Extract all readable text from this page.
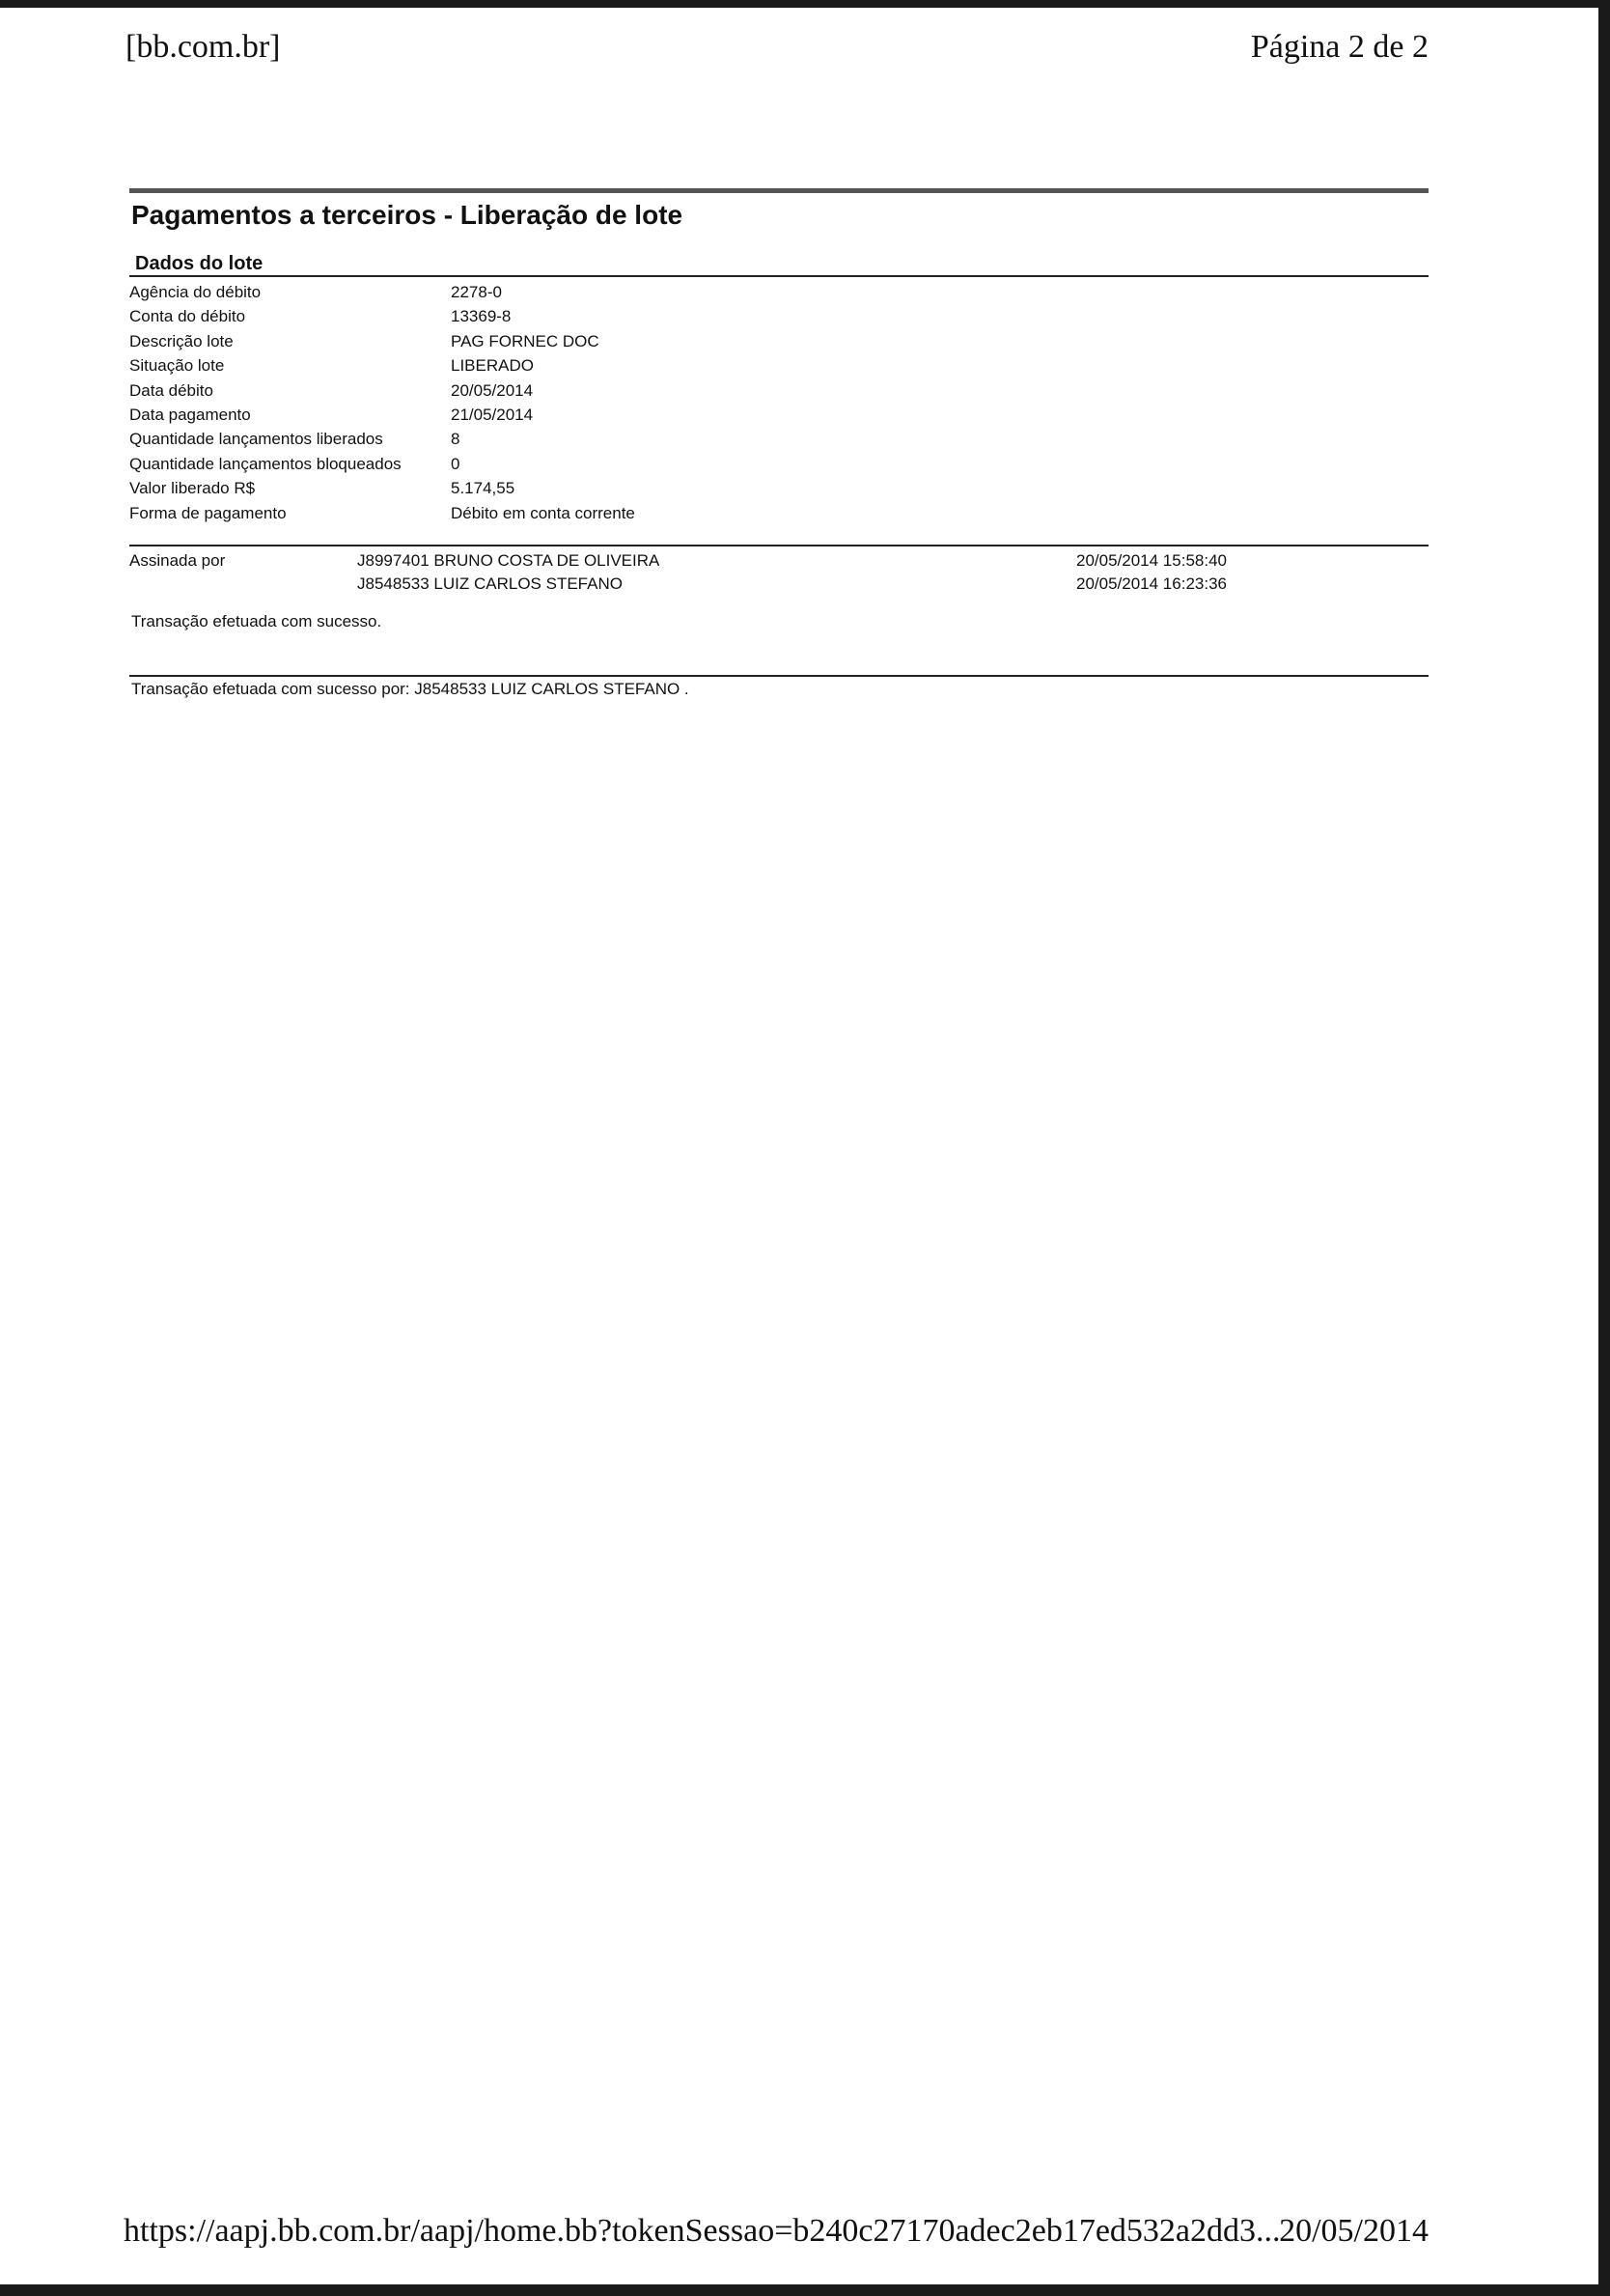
[bb.com.br]	Página 2 de 2
Pagamentos a terceiros - Liberação de lote
Dados do lote
Agência do débito	2278-0
Conta do débito	13369-8
Descrição lote	PAG FORNEC DOC
Situação lote	LIBERADO
Data débito	20/05/2014
Data pagamento	21/05/2014
Quantidade lançamentos liberados	8
Quantidade lançamentos bloqueados	0
Valor liberado R$	5.174,55
Forma de pagamento	Débito em conta corrente
Assinada por	J8997401 BRUNO COSTA DE OLIVEIRA	20/05/2014 15:58:40
J8548533 LUIZ CARLOS STEFANO	20/05/2014 16:23:36
Transação efetuada com sucesso.
Transação efetuada com sucesso por: J8548533 LUIZ CARLOS STEFANO .
https://aapj.bb.com.br/aapj/home.bb?tokenSessao=b240c27170adec2eb17ed532a2dd3...
20/05/2014
